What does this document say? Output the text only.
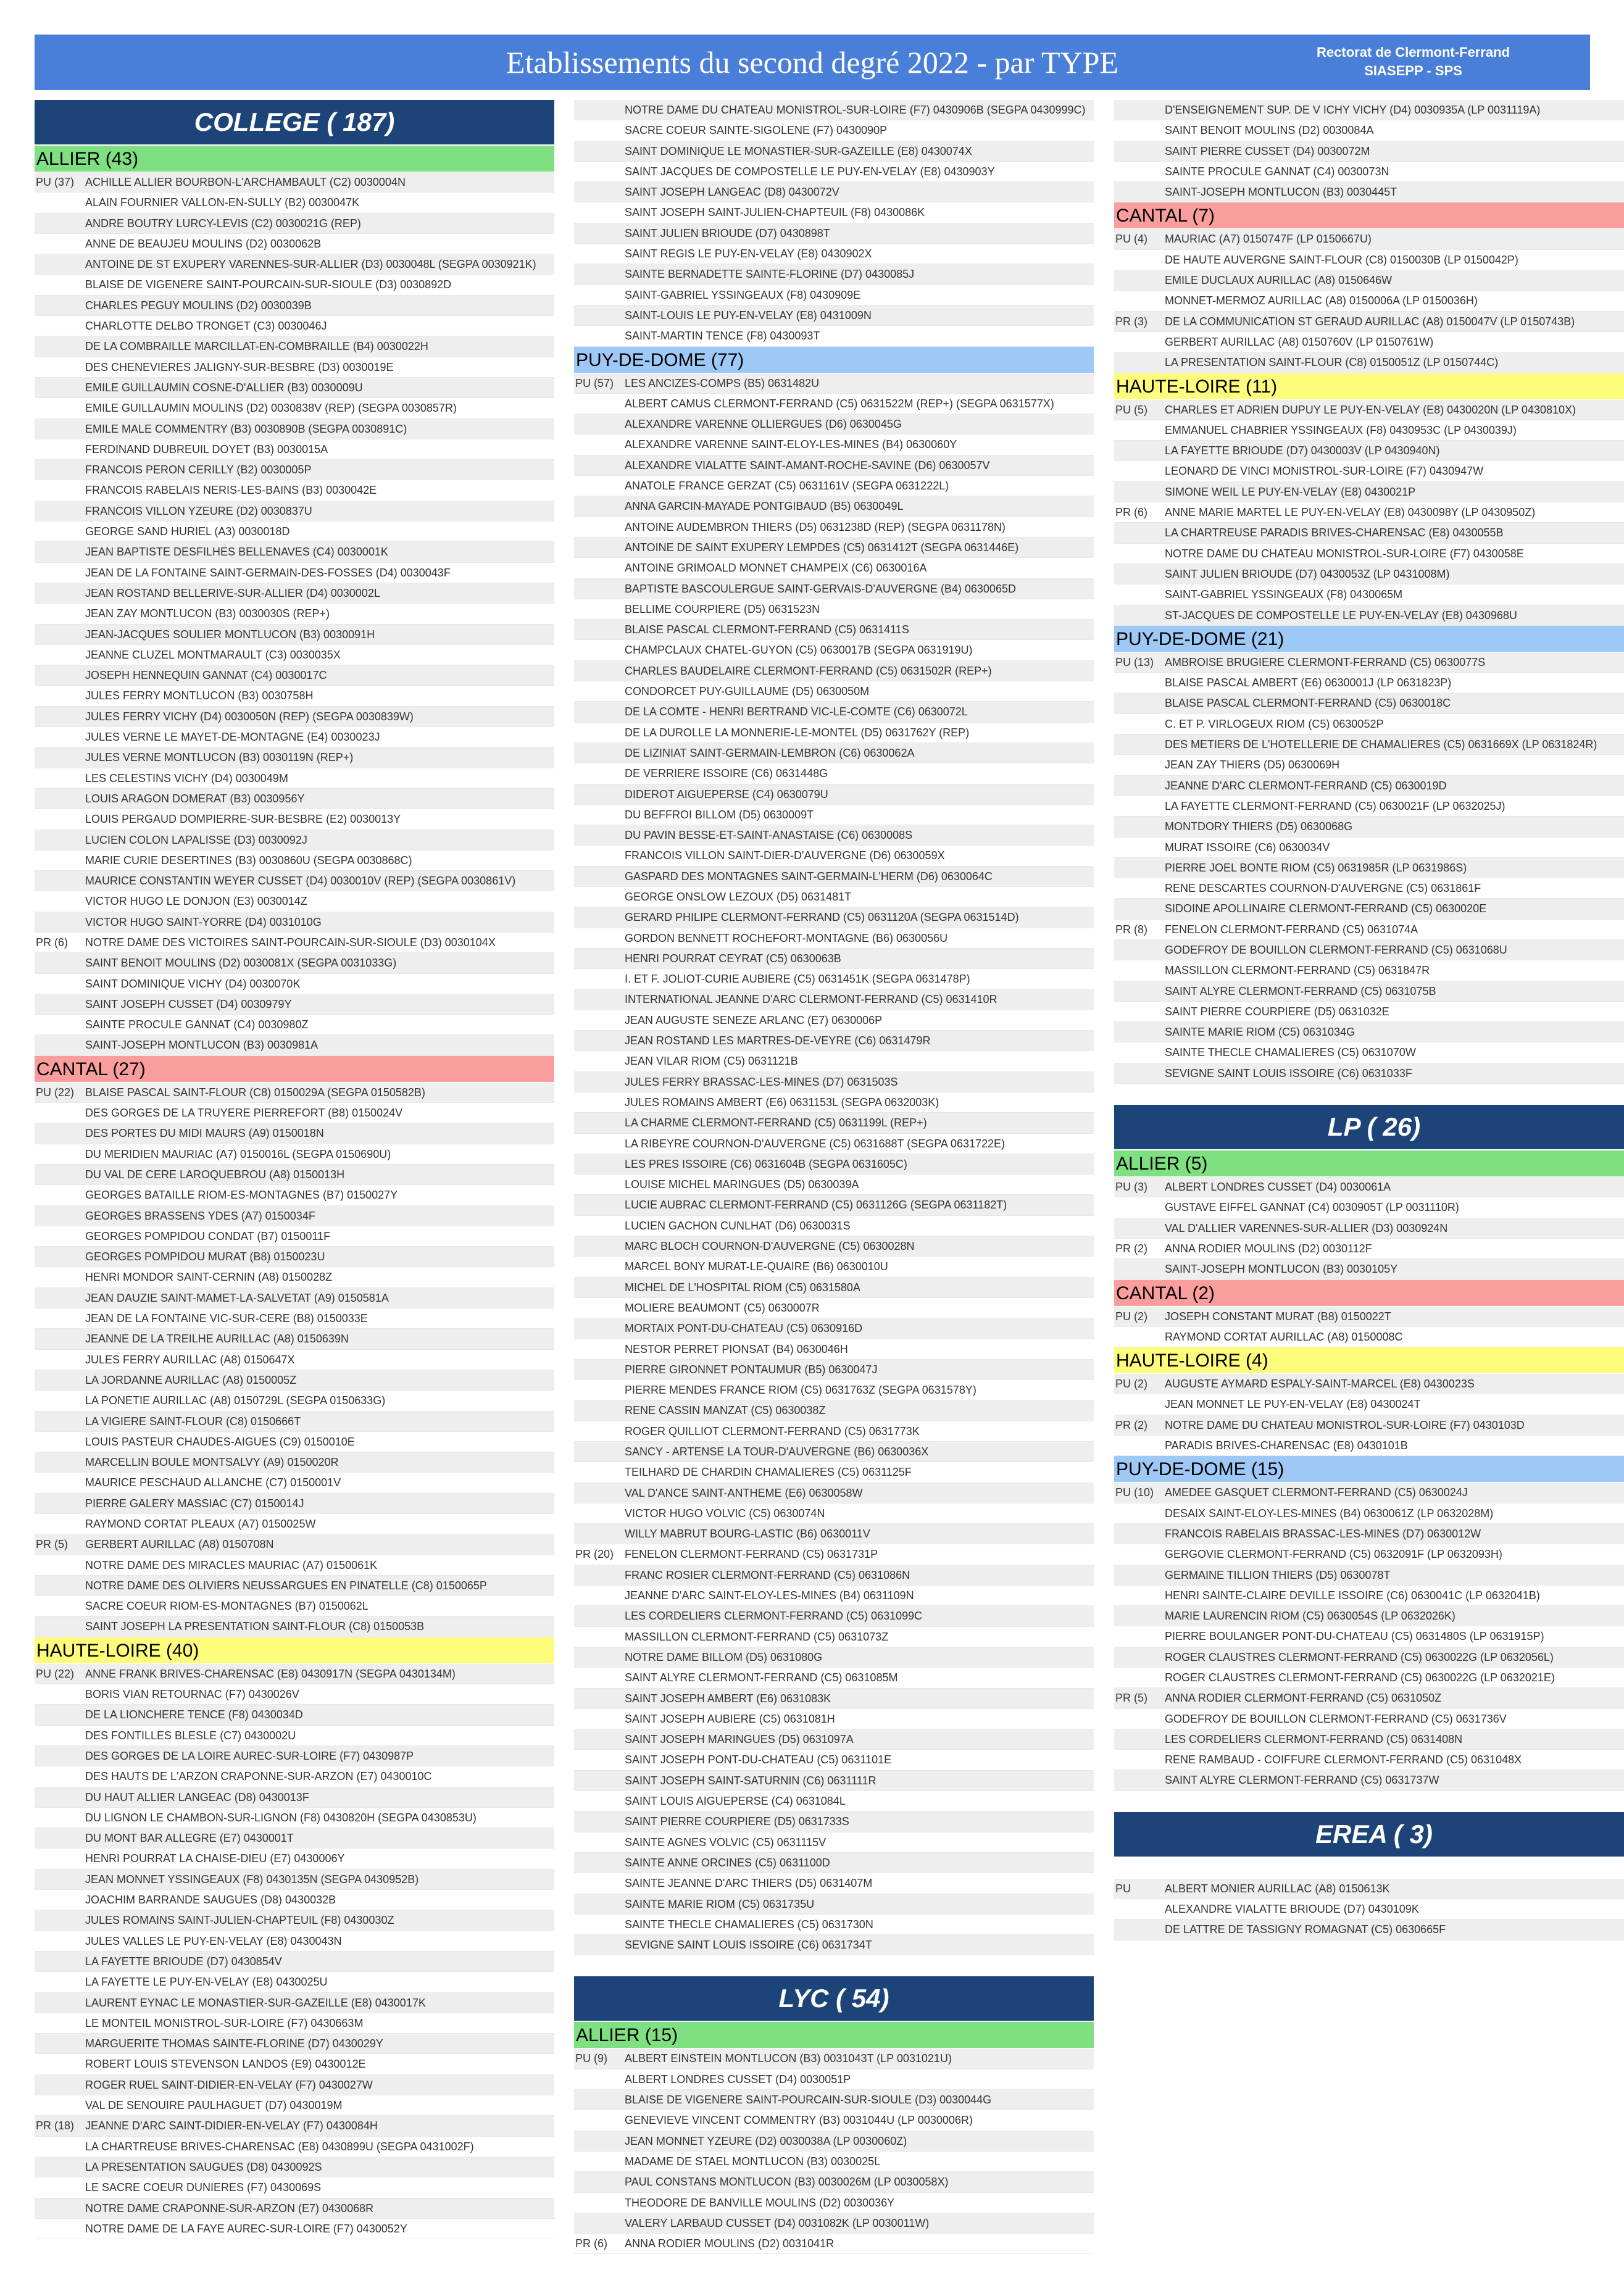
Etablissements du second degré 2022 - par TYPE	Rectorat de Clermont-Ferrand
SIASEPP - SPS
COLLEGE ( 187)
ALLIER (43)
PU (37) ACHILLE ALLIER BOURBON-L'ARCHAMBAULT (C2) 0030004N
ALAIN FOURNIER VALLON-EN-SULLY (B2) 0030047K
ANDRE BOUTRY LURCY-LEVIS (C2) 0030021G (REP)
ANNE DE BEAUJEU MOULINS (D2) 0030062B
ANTOINE DE ST EXUPERY VARENNES-SUR-ALLIER (D3) 0030048L (SEGPA 0030921K)
BLAISE DE VIGENERE SAINT-POURCAIN-SUR-SIOULE (D3) 0030892D
CHARLES PEGUY MOULINS (D2) 0030039B
CHARLOTTE DELBO TRONGET (C3) 0030046J
DE LA COMBRAILLE MARCILLAT-EN-COMBRAILLE (B4) 0030022H
DES CHENEVIERES JALIGNY-SUR-BESBRE (D3) 0030019E
EMILE GUILLAUMIN COSNE-D'ALLIER (B3) 0030009U
EMILE GUILLAUMIN MOULINS (D2) 0030838V (REP) (SEGPA 0030857R)
EMILE MALE COMMENTRY (B3) 0030890B (SEGPA 0030891C)
FERDINAND DUBREUIL DOYET (B3) 0030015A
FRANCOIS PERON CERILLY (B2) 0030005P
FRANCOIS RABELAIS NERIS-LES-BAINS (B3) 0030042E
FRANCOIS VILLON YZEURE (D2) 0030837U
GEORGE SAND HURIEL (A3) 0030018D
JEAN BAPTISTE DESFILHES BELLENAVES (C4) 0030001K
JEAN DE LA FONTAINE SAINT-GERMAIN-DES-FOSSES (D4) 0030043F
JEAN ROSTAND BELLERIVE-SUR-ALLIER (D4) 0030002L
JEAN ZAY MONTLUCON (B3) 0030030S (REP+)
JEAN-JACQUES SOULIER MONTLUCON (B3) 0030091H
JEANNE CLUZEL MONTMARAULT (C3) 0030035X
JOSEPH HENNEQUIN GANNAT (C4) 0030017C
JULES FERRY MONTLUCON (B3) 0030758H
JULES FERRY VICHY (D4) 0030050N (REP) (SEGPA 0030839W)
JULES VERNE LE MAYET-DE-MONTAGNE (E4) 0030023J
JULES VERNE MONTLUCON (B3) 0030119N (REP+)
LES CELESTINS VICHY (D4) 0030049M
LOUIS ARAGON DOMERAT (B3) 0030956Y
LOUIS PERGAUD DOMPIERRE-SUR-BESBRE (E2) 0030013Y
LUCIEN COLON LAPALISSE (D3) 0030092J
MARIE CURIE DESERTINES (B3) 0030860U (SEGPA 0030868C)
MAURICE CONSTANTIN WEYER CUSSET (D4) 0030010V (REP) (SEGPA 0030861V)
VICTOR HUGO LE DONJON (E3) 0030014Z
VICTOR HUGO SAINT-YORRE (D4) 0031010G
PR (6)	NOTRE DAME DES VICTOIRES SAINT-POURCAIN-SUR-SIOULE (D3) 0030104X
SAINT BENOIT MOULINS (D2) 0030081X (SEGPA 0031033G)
SAINT DOMINIQUE VICHY (D4) 0030070K
SAINT JOSEPH CUSSET (D4) 0030979Y
SAINTE PROCULE GANNAT (C4) 0030980Z
SAINT-JOSEPH MONTLUCON (B3) 0030981A
CANTAL (27)
PU (22) BLAISE PASCAL SAINT-FLOUR (C8) 0150029A (SEGPA 0150582B)
DES GORGES DE LA TRUYERE PIERREFORT (B8) 0150024V
DES PORTES DU MIDI MAURS (A9) 0150018N
DU MERIDIEN MAURIAC (A7) 0150016L (SEGPA 0150690U)
DU VAL DE CERE LAROQUEBROU (A8) 0150013H
GEORGES BATAILLE RIOM-ES-MONTAGNES (B7) 0150027Y
GEORGES BRASSENS YDES (A7) 0150034F
GEORGES POMPIDOU CONDAT (B7) 0150011F
GEORGES POMPIDOU MURAT (B8) 0150023U
HENRI MONDOR SAINT-CERNIN (A8) 0150028Z
JEAN DAUZIE SAINT-MAMET-LA-SALVETAT (A9) 0150581A
JEAN DE LA FONTAINE VIC-SUR-CERE (B8) 0150033E
JEANNE DE LA TREILHE AURILLAC (A8) 0150639N
JULES FERRY AURILLAC (A8) 0150647X
LA JORDANNE AURILLAC (A8) 0150005Z
LA PONETIE AURILLAC (A8) 0150729L (SEGPA 0150633G)
LA VIGIERE SAINT-FLOUR (C8) 0150666T
LOUIS PASTEUR CHAUDES-AIGUES (C9) 0150010E
MARCELLIN BOULE MONTSALVY (A9) 0150020R
MAURICE PESCHAUD ALLANCHE (C7) 0150001V
PIERRE GALERY MASSIAC (C7) 0150014J
RAYMOND CORTAT PLEAUX (A7) 0150025W
PR (5)	GERBERT AURILLAC (A8) 0150708N
NOTRE DAME DES MIRACLES MAURIAC (A7) 0150061K
NOTRE DAME DES OLIVIERS NEUSSARGUES EN PINATELLE (C8) 0150065P
SACRE COEUR RIOM-ES-MONTAGNES (B7) 0150062L
SAINT JOSEPH LA PRESENTATION SAINT-FLOUR (C8) 0150053B
HAUTE-LOIRE (40)
PU (22) ANNE FRANK BRIVES-CHARENSAC (E8) 0430917N (SEGPA 0430134M)
BORIS VIAN RETOURNAC (F7) 0430026V
DE LA LIONCHERE TENCE (F8) 0430034D
DES FONTILLES BLESLE (C7) 0430002U
DES GORGES DE LA LOIRE AUREC-SUR-LOIRE (F7) 0430987P
DES HAUTS DE L'ARZON CRAPONNE-SUR-ARZON (E7) 0430010C
DU HAUT ALLIER LANGEAC (D8) 0430013F
DU LIGNON LE CHAMBON-SUR-LIGNON (F8) 0430820H (SEGPA 0430853U)
DU MONT BAR ALLEGRE (E7) 0430001T
HENRI POURRAT LA CHAISE-DIEU (E7) 0430006Y
JEAN MONNET YSSINGEAUX (F8) 0430135N (SEGPA 0430952B)
JOACHIM BARRANDE SAUGUES (D8) 0430032B
JULES ROMAINS SAINT-JULIEN-CHAPTEUIL (F8) 0430030Z
JULES VALLES LE PUY-EN-VELAY (E8) 0430043N
LA FAYETTE BRIOUDE (D7) 0430854V
LA FAYETTE LE PUY-EN-VELAY (E8) 0430025U
LAURENT EYNAC LE MONASTIER-SUR-GAZEILLE (E8) 0430017K
LE MONTEIL MONISTROL-SUR-LOIRE (F7) 0430663M
MARGUERITE THOMAS SAINTE-FLORINE (D7) 0430029Y
ROBERT LOUIS STEVENSON LANDOS (E9) 0430012E
ROGER RUEL SAINT-DIDIER-EN-VELAY (F7) 0430027W
VAL DE SENOUIRE PAULHAGUET (D7) 0430019M
PR (18) JEANNE D'ARC SAINT-DIDIER-EN-VELAY (F7) 0430084H
LA CHARTREUSE BRIVES-CHARENSAC (E8) 0430899U (SEGPA 0431002F)
LA PRESENTATION SAUGUES (D8) 0430092S
LE SACRE COEUR DUNIERES (F7) 0430069S
NOTRE DAME CRAPONNE-SUR-ARZON (E7) 0430068R
NOTRE DAME DE LA FAYE AUREC-SUR-LOIRE (F7) 0430052Y
NOTRE DAME DU CHATEAU MONISTROL-SUR-LOIRE (F7) 0430906B (SEGPA 0430999C)
SACRE COEUR SAINTE-SIGOLENE (F7) 0430090P
SAINT DOMINIQUE LE MONASTIER-SUR-GAZEILLE (E8) 0430074X
SAINT JACQUES DE COMPOSTELLE LE PUY-EN-VELAY (E8) 0430903Y
SAINT JOSEPH LANGEAC (D8) 0430072V
SAINT JOSEPH SAINT-JULIEN-CHAPTEUIL (F8) 0430086K
SAINT JULIEN BRIOUDE (D7) 0430898T
SAINT REGIS LE PUY-EN-VELAY (E8) 0430902X
SAINTE BERNADETTE SAINTE-FLORINE (D7) 0430085J
SAINT-GABRIEL YSSINGEAUX (F8) 0430909E
SAINT-LOUIS LE PUY-EN-VELAY (E8) 0431009N
SAINT-MARTIN TENCE (F8) 0430093T
PUY-DE-DOME (77)
PU (57) LES ANCIZES-COMPS (B5) 0631482U
ALBERT CAMUS CLERMONT-FERRAND (C5) 0631522M (REP+) (SEGPA 0631577X)
ALEXANDRE VARENNE OLLIERGUES (D6) 0630045G
ALEXANDRE VARENNE SAINT-ELOY-LES-MINES (B4) 0630060Y
ALEXANDRE VIALATTE SAINT-AMANT-ROCHE-SAVINE (D6) 0630057V
ANATOLE FRANCE GERZAT (C5) 0631161V (SEGPA 0631222L)
ANNA GARCIN-MAYADE PONTGIBAUD (B5) 0630049L
ANTOINE AUDEMBRON THIERS (D5) 0631238D (REP) (SEGPA 0631178N)
ANTOINE DE SAINT EXUPERY LEMPDES (C5) 0631412T (SEGPA 0631446E)
ANTOINE GRIMOALD MONNET CHAMPEIX (C6) 0630016A
BAPTISTE BASCOULERGUE SAINT-GERVAIS-D'AUVERGNE (B4) 0630065D
BELLIME COURPIERE (D5) 0631523N
BLAISE PASCAL CLERMONT-FERRAND (C5) 0631411S
CHAMPCLAUX CHATEL-GUYON (C5) 0630017B (SEGPA 0631919U)
CHARLES BAUDELAIRE CLERMONT-FERRAND (C5) 0631502R (REP+)
CONDORCET PUY-GUILLAUME (D5) 0630050M
DE LA COMTE - HENRI BERTRAND VIC-LE-COMTE (C6) 0630072L
DE LA DUROLLE LA MONNERIE-LE-MONTEL (D5) 0631762Y (REP)
DE LIZINIAT SAINT-GERMAIN-LEMBRON (C6) 0630062A
DE VERRIERE ISSOIRE (C6) 0631448G
DIDEROT AIGUEPERSE (C4) 0630079U
DU BEFFROI BILLOM (D5) 0630009T
DU PAVIN BESSE-ET-SAINT-ANASTAISE (C6) 0630008S
FRANCOIS VILLON SAINT-DIER-D'AUVERGNE (D6) 0630059X
GASPARD DES MONTAGNES SAINT-GERMAIN-L'HERM (D6) 0630064C
GEORGE ONSLOW LEZOUX (D5) 0631481T
GERARD PHILIPE CLERMONT-FERRAND (C5) 0631120A (SEGPA 0631514D)
GORDON BENNETT ROCHEFORT-MONTAGNE (B6) 0630056U
HENRI POURRAT CEYRAT (C5) 0630063B
I. ET F. JOLIOT-CURIE AUBIERE (C5) 0631451K (SEGPA 0631478P)
INTERNATIONAL JEANNE D'ARC CLERMONT-FERRAND (C5) 0631410R
JEAN AUGUSTE SENEZE ARLANC (E7) 0630006P
JEAN ROSTAND LES MARTRES-DE-VEYRE (C6) 0631479R
JEAN VILAR RIOM (C5) 0631121B
JULES FERRY BRASSAC-LES-MINES (D7) 0631503S
JULES ROMAINS AMBERT (E6) 0631153L (SEGPA 0632003K)
LA CHARME CLERMONT-FERRAND (C5) 0631199L (REP+)
LA RIBEYRE COURNON-D'AUVERGNE (C5) 0631688T (SEGPA 0631722E)
LES PRES ISSOIRE (C6) 0631604B (SEGPA 0631605C)
LOUISE MICHEL MARINGUES (D5) 0630039A
LUCIE AUBRAC CLERMONT-FERRAND (C5) 0631126G (SEGPA 0631182T)
LUCIEN GACHON CUNLHAT (D6) 0630031S
MARC BLOCH COURNON-D'AUVERGNE (C5) 0630028N
MARCEL BONY MURAT-LE-QUAIRE (B6) 0630010U
MICHEL DE L'HOSPITAL RIOM (C5) 0631580A
MOLIERE BEAUMONT (C5) 0630007R
MORTAIX PONT-DU-CHATEAU (C5) 0630916D
NESTOR PERRET PIONSAT (B4) 0630046H
PIERRE GIRONNET PONTAUMUR (B5) 0630047J
PIERRE MENDES FRANCE RIOM (C5) 0631763Z (SEGPA 0631578Y)
RENE CASSIN MANZAT (C5) 0630038Z
ROGER QUILLIOT CLERMONT-FERRAND (C5) 0631773K
SANCY - ARTENSE LA TOUR-D'AUVERGNE (B6) 0630036X
TEILHARD DE CHARDIN CHAMALIERES (C5) 0631125F
VAL D'ANCE SAINT-ANTHEME (E6) 0630058W
VICTOR HUGO VOLVIC (C5) 0630074N
WILLY MABRUT BOURG-LASTIC (B6) 0630011V
PR (20) FENELON CLERMONT-FERRAND (C5) 0631731P
FRANC ROSIER CLERMONT-FERRAND (C5) 0631086N
JEANNE D'ARC SAINT-ELOY-LES-MINES (B4) 0631109N
LES CORDELIERS CLERMONT-FERRAND (C5) 0631099C
MASSILLON CLERMONT-FERRAND (C5) 0631073Z
NOTRE DAME BILLOM (D5) 0631080G
SAINT ALYRE CLERMONT-FERRAND (C5) 0631085M
SAINT JOSEPH AMBERT (E6) 0631083K
SAINT JOSEPH AUBIERE (C5) 0631081H
SAINT JOSEPH MARINGUES (D5) 0631097A
SAINT JOSEPH PONT-DU-CHATEAU (C5) 0631101E
SAINT JOSEPH SAINT-SATURNIN (C6) 0631111R
SAINT LOUIS AIGUEPERSE (C4) 0631084L
SAINT PIERRE COURPIERE (D5) 0631733S
SAINTE AGNES VOLVIC (C5) 0631115V
SAINTE ANNE ORCINES (C5) 0631100D
SAINTE JEANNE D'ARC THIERS (D5) 0631407M
SAINTE MARIE RIOM (C5) 0631735U
SAINTE THECLE CHAMALIERES (C5) 0631730N
SEVIGNE SAINT LOUIS ISSOIRE (C6) 0631734T
LYC ( 54)
ALLIER (15)
PU (9)	ALBERT EINSTEIN MONTLUCON (B3) 0031043T (LP 0031021U)
ALBERT LONDRES CUSSET (D4) 0030051P
BLAISE DE VIGENERE SAINT-POURCAIN-SUR-SIOULE (D3) 0030044G
GENEVIEVE VINCENT COMMENTRY (B3) 0031044U (LP 0030006R)
JEAN MONNET YZEURE (D2) 0030038A (LP 0030060Z)
MADAME DE STAEL MONTLUCON (B3) 0030025L
PAUL CONSTANS MONTLUCON (B3) 0030026M (LP 0030058X)
THEODORE DE BANVILLE MOULINS (D2) 0030036Y
VALERY LARBAUD CUSSET (D4) 0031082K (LP 0030011W)
PR (6)	ANNA RODIER MOULINS (D2) 0031041R
D'ENSEIGNEMENT SUP. DE V ICHY VICHY (D4) 0030935A (LP 0031119A)
SAINT BENOIT MOULINS (D2) 0030084A
SAINT PIERRE CUSSET (D4) 0030072M
SAINTE PROCULE GANNAT (C4) 0030073N
SAINT-JOSEPH MONTLUCON (B3) 0030445T
CANTAL (7)
PU (4)	MAURIAC (A7) 0150747F (LP 0150667U)
DE HAUTE AUVERGNE SAINT-FLOUR (C8) 0150030B (LP 0150042P)
EMILE DUCLAUX AURILLAC (A8) 0150646W
MONNET-MERMOZ AURILLAC (A8) 0150006A (LP 0150036H)
PR (3)	DE LA COMMUNICATION ST GERAUD AURILLAC (A8) 0150047V (LP 0150743B)
GERBERT AURILLAC (A8) 0150760V (LP 0150761W)
LA PRESENTATION SAINT-FLOUR (C8) 0150051Z (LP 0150744C)
HAUTE-LOIRE (11)
PU (5)	CHARLES ET ADRIEN DUPUY LE PUY-EN-VELAY (E8) 0430020N (LP 0430810X)
EMMANUEL CHABRIER YSSINGEAUX (F8) 0430953C (LP 0430039J)
LA FAYETTE BRIOUDE (D7) 0430003V (LP 0430940N)
LEONARD DE VINCI MONISTROL-SUR-LOIRE (F7) 0430947W
SIMONE WEIL LE PUY-EN-VELAY (E8) 0430021P
PR (6)	ANNE MARIE MARTEL LE PUY-EN-VELAY (E8) 0430098Y (LP 0430950Z)
LA CHARTREUSE PARADIS BRIVES-CHARENSAC (E8) 0430055B
NOTRE DAME DU CHATEAU MONISTROL-SUR-LOIRE (F7) 0430058E
SAINT JULIEN BRIOUDE (D7) 0430053Z (LP 0431008M)
SAINT-GABRIEL YSSINGEAUX (F8) 0430065M
ST-JACQUES DE COMPOSTELLE LE PUY-EN-VELAY (E8) 0430968U
PUY-DE-DOME (21)
PU (13) AMBROISE BRUGIERE CLERMONT-FERRAND (C5) 0630077S
BLAISE PASCAL AMBERT (E6) 0630001J (LP 0631823P)
BLAISE PASCAL CLERMONT-FERRAND (C5) 0630018C
C. ET P. VIRLOGEUX RIOM (C5) 0630052P
DES METIERS DE L'HOTELLERIE DE CHAMALIERES (C5) 0631669X (LP 0631824R)
JEAN ZAY THIERS (D5) 0630069H
JEANNE D'ARC CLERMONT-FERRAND (C5) 0630019D
LA FAYETTE CLERMONT-FERRAND (C5) 0630021F (LP 0632025J)
MONTDORY THIERS (D5) 0630068G
MURAT ISSOIRE (C6) 0630034V
PIERRE JOEL BONTE RIOM (C5) 0631985R (LP 0631986S)
RENE DESCARTES COURNON-D'AUVERGNE (C5) 0631861F
SIDOINE APOLLINAIRE CLERMONT-FERRAND (C5) 0630020E
PR (8)	FENELON CLERMONT-FERRAND (C5) 0631074A
GODEFROY DE BOUILLON CLERMONT-FERRAND (C5) 0631068U
MASSILLON CLERMONT-FERRAND (C5) 0631847R
SAINT ALYRE CLERMONT-FERRAND (C5) 0631075B
SAINT PIERRE COURPIERE (D5) 0631032E
SAINTE MARIE RIOM (C5) 0631034G
SAINTE THECLE CHAMALIERES (C5) 0631070W
SEVIGNE SAINT LOUIS ISSOIRE (C6) 0631033F
LP ( 26)
ALLIER (5)
PU (3)	ALBERT LONDRES CUSSET (D4) 0030061A
GUSTAVE EIFFEL GANNAT (C4) 0030905T (LP 0031110R)
VAL D'ALLIER VARENNES-SUR-ALLIER (D3) 0030924N
PR (2)	ANNA RODIER MOULINS (D2) 0030112F
SAINT-JOSEPH MONTLUCON (B3) 0030105Y
CANTAL (2)
PU (2)	JOSEPH CONSTANT MURAT (B8) 0150022T
RAYMOND CORTAT AURILLAC (A8) 0150008C
HAUTE-LOIRE (4)
PU (2)	AUGUSTE AYMARD ESPALY-SAINT-MARCEL (E8) 0430023S
JEAN MONNET LE PUY-EN-VELAY (E8) 0430024T
PR (2)	NOTRE DAME DU CHATEAU MONISTROL-SUR-LOIRE (F7) 0430103D
PARADIS BRIVES-CHARENSAC (E8) 0430101B
PUY-DE-DOME (15)
PU (10) AMEDEE GASQUET CLERMONT-FERRAND (C5) 0630024J
DESAIX SAINT-ELOY-LES-MINES (B4) 0630061Z (LP 0632028M)
FRANCOIS RABELAIS BRASSAC-LES-MINES (D7) 0630012W
GERGOVIE CLERMONT-FERRAND (C5) 0632091F (LP 0632093H)
GERMAINE TILLION THIERS (D5) 0630078T
HENRI SAINTE-CLAIRE DEVILLE ISSOIRE (C6) 0630041C (LP 0632041B)
MARIE LAURENCIN RIOM (C5) 0630054S (LP 0632026K)
PIERRE BOULANGER PONT-DU-CHATEAU (C5) 0631480S (LP 0631915P)
ROGER CLAUSTRES CLERMONT-FERRAND (C5) 0630022G (LP 0632056L)
ROGER CLAUSTRES CLERMONT-FERRAND (C5) 0630022G (LP 0632021E)
PR (5)	ANNA RODIER CLERMONT-FERRAND (C5) 0631050Z
GODEFROY DE BOUILLON CLERMONT-FERRAND (C5) 0631736V
LES CORDELIERS CLERMONT-FERRAND (C5) 0631408N
RENE RAMBAUD - COIFFURE CLERMONT-FERRAND (C5) 0631048X
SAINT ALYRE CLERMONT-FERRAND (C5) 0631737W
EREA ( 3)
PU	ALBERT MONIER AURILLAC (A8) 0150613K
ALEXANDRE VIALATTE BRIOUDE (D7) 0430109K
DE LATTRE DE TASSIGNY ROMAGNAT (C5) 0630665F
